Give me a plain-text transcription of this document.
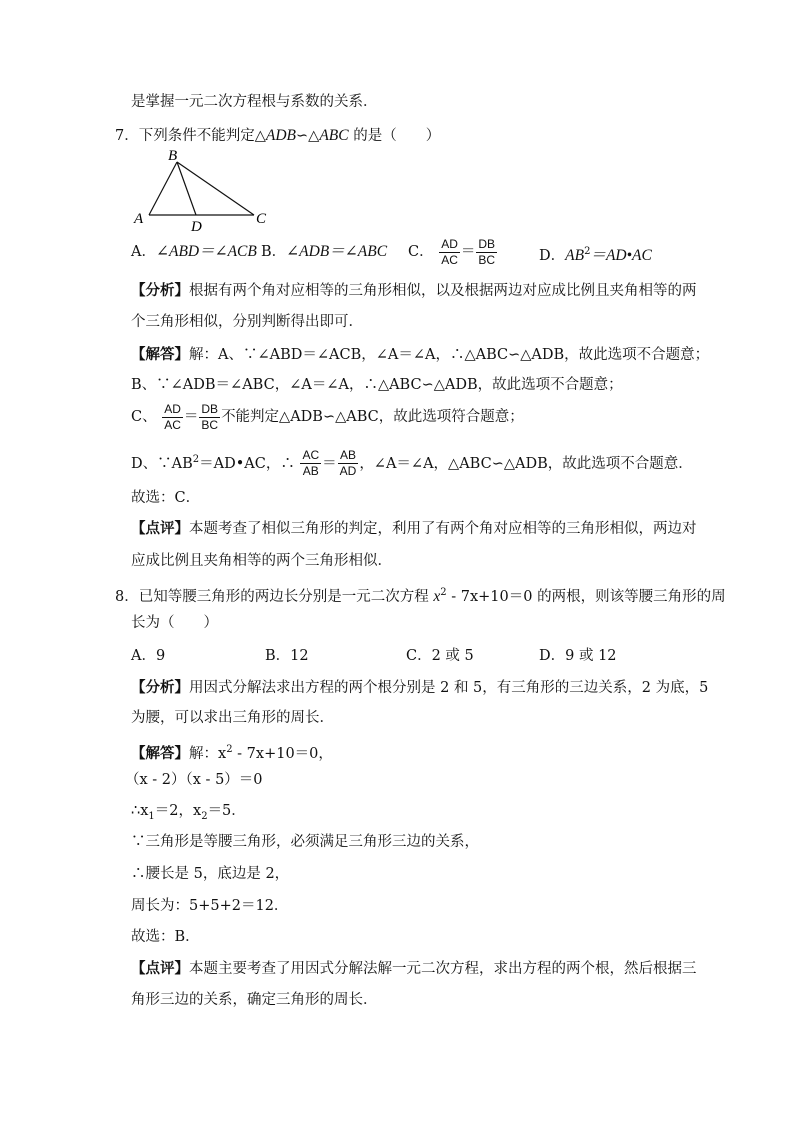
是掌握一元二次方程根与系数的关系．
7．下列条件不能判定△ADB∽△ABC 的是（　　）
A
B
C
D
A．∠ABD＝∠ACB B．∠ADB＝∠ABC C． $\frac{AD}{AC} = \frac{DB}{BC}$	D．$AB^2=AD•AC$
【分析】根据有两个角对应相等的三角形相似，以及根据两边对应成比例且夹角相等的两
个三角形相似，分别判断得出即可．
【解答】解：A、∵∠ABD＝∠ACB，∠A＝∠A，∴△ABC∽△ADB，故此选项不合题意；
B、∵∠ADB＝∠ABC，∠A＝∠A，∴△ABC∽△ADB，故此选项不合题意；
C、 $\frac{AD}{AC} = \frac{DB}{BC}$ 不能判定△ADB∽△ABC，故此选项符合题意；
D、$\because AB^2=AD•AC$，∴ $\frac{AC}{AB} = \frac{AB}{AD}$ ，∠A＝∠A，△ABC∽△ADB，故此选项不合题意．
故选：C．
【点评】本题考查了相似三角形的判定，利用了有两个角对应相等的三角形相似，两边对
应成比例且夹角相等的两个三角形相似．
8．已知等腰三角形的两边长分别是一元二次方程 $x^2 - 7x+10=0$ 的两根，则该等腰三角形的周
长为（　　）
A．9	B．12	C．2 或 5	D．9 或 12
【分析】用因式分解法求出方程的两个根分别是 2 和 5，有三角形的三边关系，2 为底，5
为腰，可以求出三角形的周长．
【解答】解：$x^2 - 7x+10=0$，
（x - 2）（x - 5）＝0
$\therefore x_1=2$，$x_2=5$．
∵三角形是等腰三角形，必须满足三角形三边的关系，
∴腰长是 5，底边是 2，
周长为：5+5+2＝12．
故选：B．
【点评】本题主要考查了用因式分解法解一元二次方程，求出方程的两个根，然后根据三
角形三边的关系，确定三角形的周长．
